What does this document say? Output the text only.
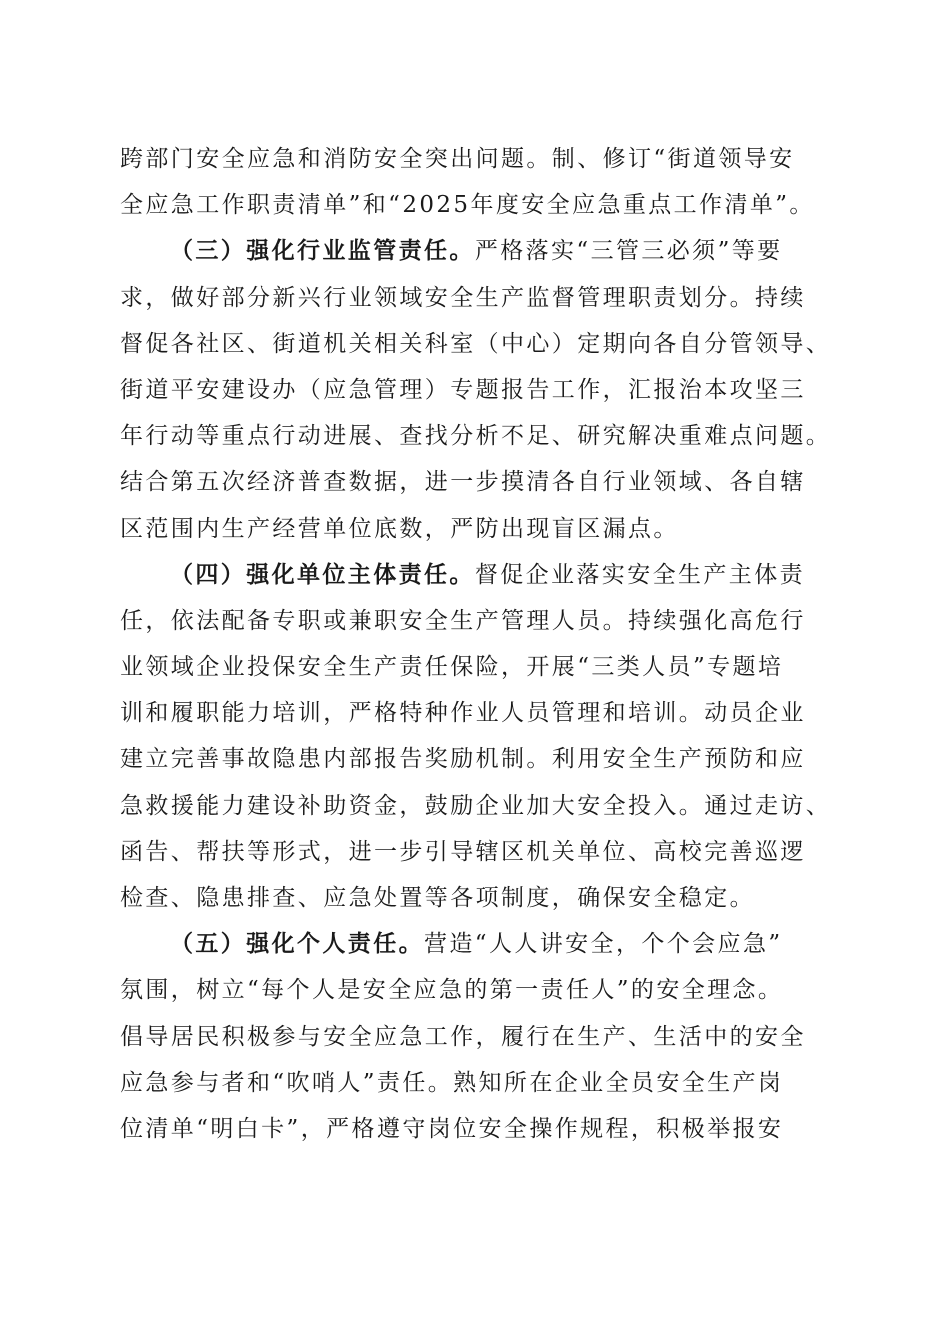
跨部门安全应急和消防安全突出问题。制、修订“街道领导安
全应急工作职责清单”和“2025年度安全应急重点工作清单”。
（三）强化行业监管责任。严格落实“三管三必须”等要
求，做好部分新兴行业领域安全生产监督管理职责划分。持续
督促各社区、街道机关相关科室（中心）定期向各自分管领导、
街道平安建设办（应急管理）专题报告工作，汇报治本攻坚三
年行动等重点行动进展、查找分析不足、研究解决重难点问题。
结合第五次经济普查数据，进一步摸清各自行业领域、各自辖
区范围内生产经营单位底数，严防出现盲区漏点。
（四）强化单位主体责任。督促企业落实安全生产主体责
任，依法配备专职或兼职安全生产管理人员。持续强化高危行
业领域企业投保安全生产责任保险，开展“三类人员”专题培
训和履职能力培训，严格特种作业人员管理和培训。动员企业
建立完善事故隐患内部报告奖励机制。利用安全生产预防和应
急救援能力建设补助资金，鼓励企业加大安全投入。通过走访、
函告、帮扶等形式，进一步引导辖区机关单位、高校完善巡逻
检查、隐患排查、应急处置等各项制度，确保安全稳定。
（五）强化个人责任。营造“人人讲安全，个个会应急”
氛围，树立“每个人是安全应急的第一责任人”的安全理念。
倡导居民积极参与安全应急工作，履行在生产、生活中的安全
应急参与者和“吹哨人”责任。熟知所在企业全员安全生产岗
位清单“明白卡”，严格遵守岗位安全操作规程，积极举报安
